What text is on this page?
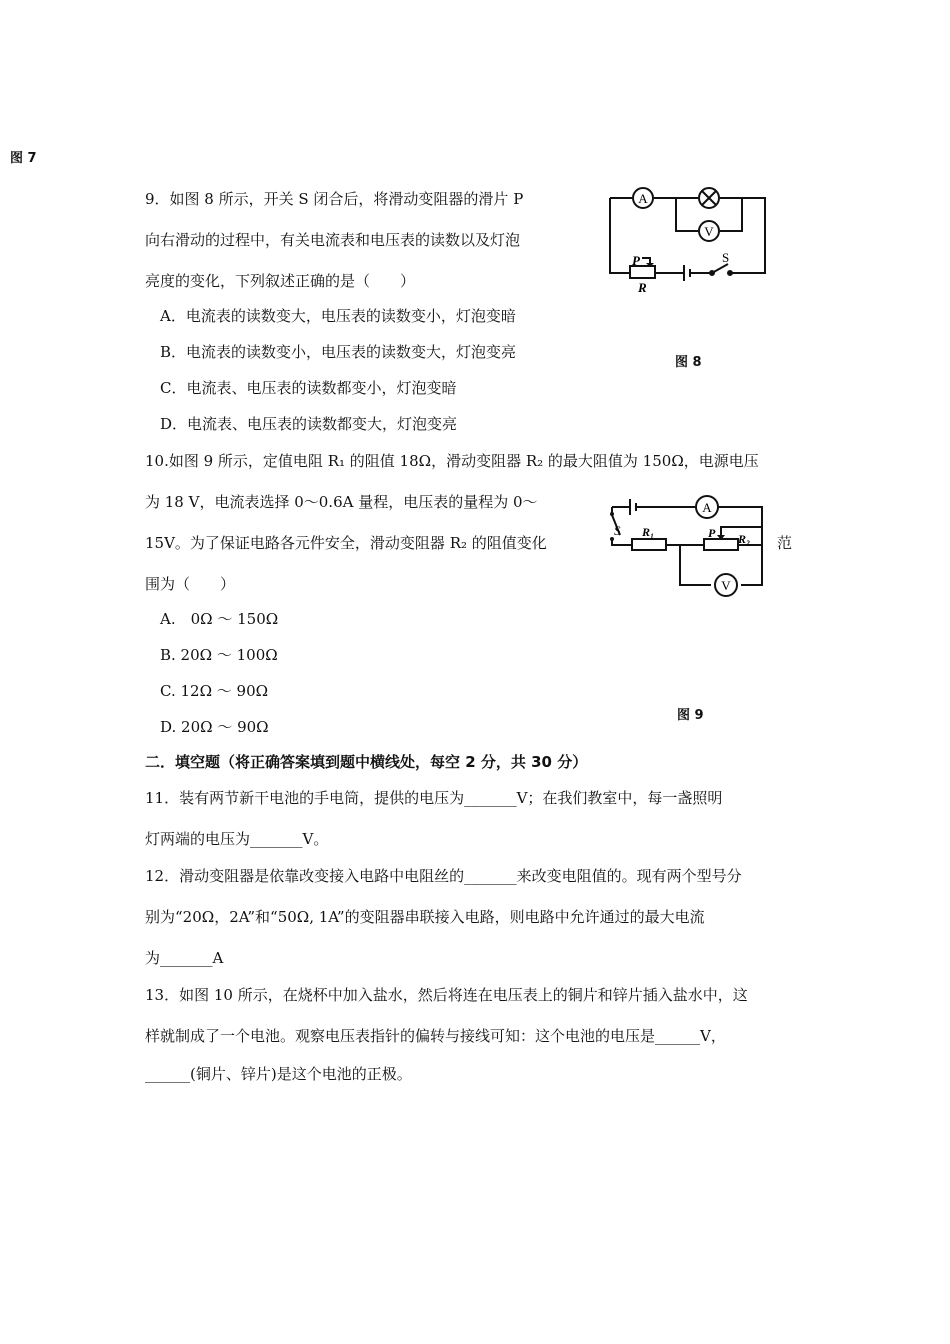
图 7
9．如图 8 所示，开关 S 闭合后，将滑动变阻器的滑片 P
向右滑动的过程中，有关电流表和电压表的读数以及灯泡
亮度的变化，下列叙述正确的是（　　）
A．电流表的读数变大，电压表的读数变小，灯泡变暗
B．电流表的读数变小，电压表的读数变大，灯泡变亮
C．电流表、电压表的读数都变小，灯泡变暗
D．电流表、电压表的读数都变大，灯泡变亮
A
V
P
R
S
图 8
10.如图 9 所示，定值电阻 R₁ 的阻值 18Ω，滑动变阻器 R₂ 的最大阻值为 150Ω，电源电压
为 18 V，电流表选择 0～0.6A 量程，电压表的量程为 0～
15V。为了保证电路各元件安全，滑动变阻器 R₂ 的阻值变化	范
围为（　　）
A.　0Ω ～ 150Ω
B. 20Ω ～ 100Ω
C. 12Ω ～ 90Ω
D. 20Ω ～ 90Ω
A
V
S R₁	P R₂
图 9
二．填空题（将正确答案填到题中横线处，每空 2 分，共 30 分）
11．装有两节新干电池的手电筒，提供的电压为_______V；在我们教室中，每一盏照明
灯两端的电压为_______V。
12．滑动变阻器是依靠改变接入电路中电阻丝的_______来改变电阻值的。现有两个型号分
别为“20Ω，2A”和“50Ω, 1A”的变阻器串联接入电路，则电路中允许通过的最大电流
为_______A
13．如图 10 所示，在烧杯中加入盐水，然后将连在电压表上的铜片和锌片插入盐水中，这
样就制成了一个电池。观察电压表指针的偏转与接线可知：这个电池的电压是______V，
______(铜片、锌片)是这个电池的正极。
